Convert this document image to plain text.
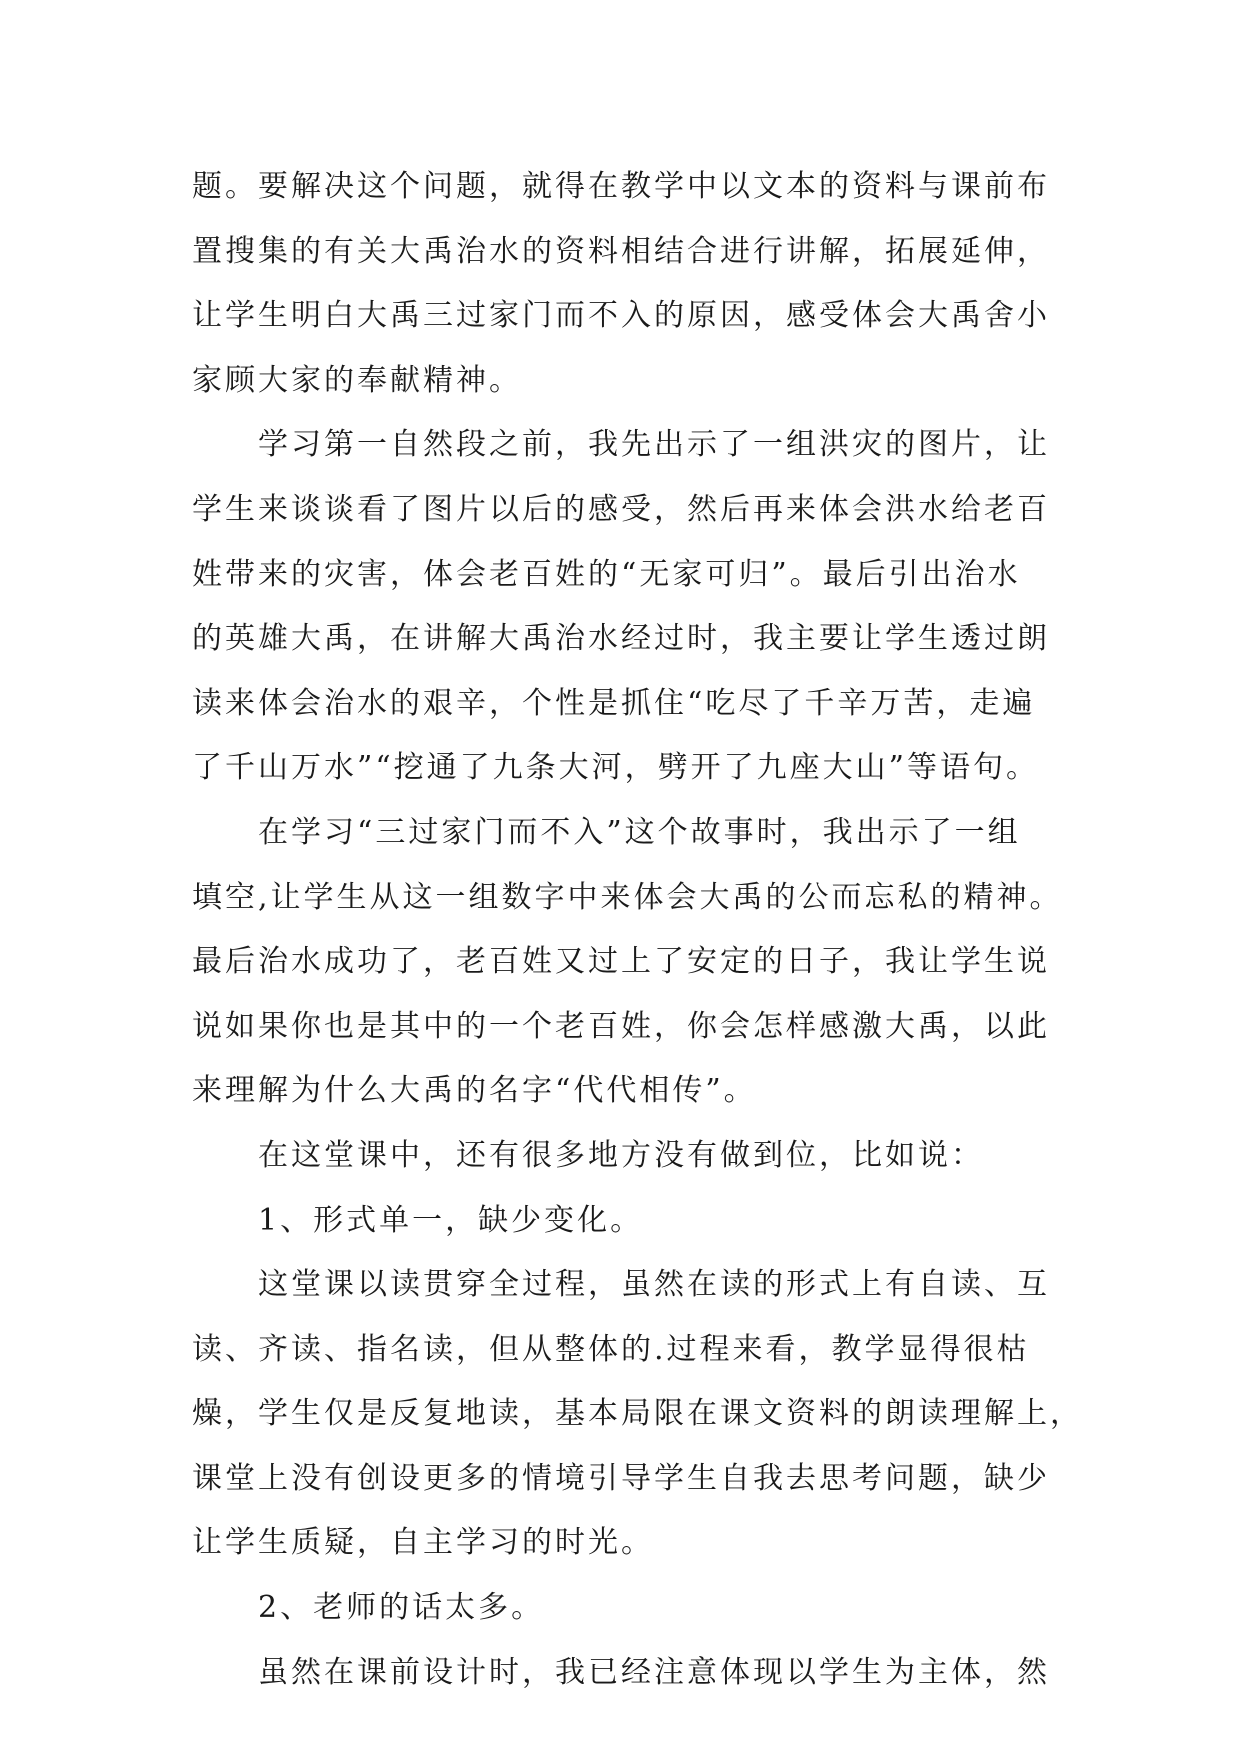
题。要解决这个问题，就得在教学中以文本的资料与课前布
置搜集的有关大禹治水的资料相结合进行讲解，拓展延伸，
让学生明白大禹三过家门而不入的原因，感受体会大禹舍小
家顾大家的奉献精神。
学习第一自然段之前，我先出示了一组洪灾的图片，让
学生来谈谈看了图片以后的感受，然后再来体会洪水给老百
姓带来的灾害，体会老百姓的“无家可归”。最后引出治水
的英雄大禹，在讲解大禹治水经过时，我主要让学生透过朗
读来体会治水的艰辛，个性是抓住“吃尽了千辛万苦，走遍
了千山万水”“挖通了九条大河，劈开了九座大山”等语句。
在学习“三过家门而不入”这个故事时，我出示了一组
填空,让学生从这一组数字中来体会大禹的公而忘私的精神。
最后治水成功了，老百姓又过上了安定的日子，我让学生说
说如果你也是其中的一个老百姓，你会怎样感激大禹，以此
来理解为什么大禹的名字“代代相传”。
在这堂课中，还有很多地方没有做到位，比如说：
1、形式单一，缺少变化。
这堂课以读贯穿全过程，虽然在读的形式上有自读、互
读、齐读、指名读，但从整体的.过程来看，教学显得很枯
燥，学生仅是反复地读，基本局限在课文资料的朗读理解上，
课堂上没有创设更多的情境引导学生自我去思考问题，缺少
让学生质疑，自主学习的时光。
2、老师的话太多。
虽然在课前设计时，我已经注意体现以学生为主体，然
